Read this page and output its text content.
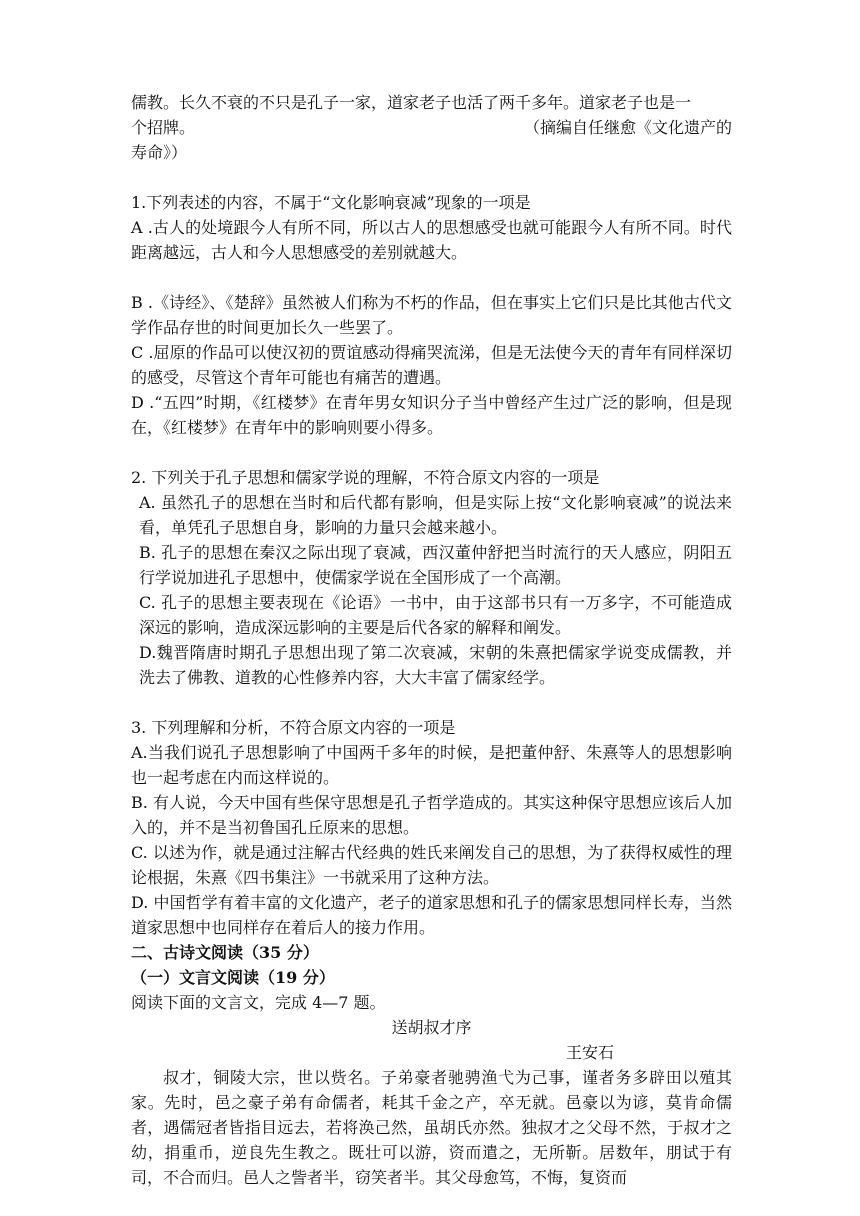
儒教。长久不衰的不只是孔子一家，道家老子也活了两千多年。道家老子也是一

个招牌。	（摘编自任继愈《文化遗产的

寿命》）

1.下列表述的内容，不属于“文化影响衰减”现象的一项是

A .古人的处境跟今人有所不同，所以古人的思想感受也就可能跟今人有所不同。时代距离越远，古人和今人思想感受的差别就越大。

B .《诗经》、《楚辞》虽然被人们称为不朽的作品，但在事实上它们只是比其他古代文学作品存世的时间更加长久一些罢了。

C .屈原的作品可以使汉初的贾谊感动得痛哭流涕，但是无法使今天的青年有同样深切的感受，尽管这个青年可能也有痛苦的遭遇。

D .“五四”时期，《红楼梦》在青年男女知识分子当中曾经产生过广泛的影响，但是现在，《红楼梦》在青年中的影响则要小得多。

2. 下列关于孔子思想和儒家学说的理解，不符合原文内容的一项是

A. 虽然孔子的思想在当时和后代都有影响，但是实际上按“文化影响衰减”的说法来看，单凭孔子思想自身，影响的力量只会越来越小。

B. 孔子的思想在秦汉之际出现了衰减，西汉董仲舒把当时流行的天人感应，阴阳五行学说加进孔子思想中，使儒家学说在全国形成了一个高潮。

C. 孔子的思想主要表现在《论语》一书中，由于这部书只有一万多字，不可能造成深远的影响，造成深远影响的主要是后代各家的解释和阐发。

D.魏晋隋唐时期孔子思想出现了第二次衰减，宋朝的朱熹把儒家学说变成儒教，并洗去了佛教、道教的心性修养内容，大大丰富了儒家经学。

3. 下列理解和分析，不符合原文内容的一项是

A.当我们说孔子思想影响了中国两千多年的时候，是把董仲舒、朱熹等人的思想影响也一起考虑在内而这样说的。

B. 有人说，今天中国有些保守思想是孔子哲学造成的。其实这种保守思想应该后人加入的，并不是当初鲁国孔丘原来的思想。

C. 以述为作，就是通过注解古代经典的姓氏来阐发自己的思想，为了获得权威性的理论根据，朱熹《四书集注》一书就采用了这种方法。

D. 中国哲学有着丰富的文化遗产，老子的道家思想和孔子的儒家思想同样长寿，当然道家思想中也同样存在着后人的接力作用。

二、古诗文阅读（35 分）

（一）文言文阅读（19 分）

阅读下面的文言文，完成 4—7 题。

送胡叔才序

王安石

叔才，铜陵大宗，世以赀名。子弟豪者驰骋渔弋为己事，谨者务多辟田以殖其家。先时，邑之豪子弟有命儒者，耗其千金之产，卒无就。邑豪以为谚，莫肯命儒者，遇儒冠者皆指目远去，若将涣己然，虽胡氏亦然。独叔才之父母不然，于叔才之幼，捐重币，逆良先生教之。既壮可以游，资而遣之，无所靳。居数年，朋试于有司，不合而归。邑人之訾者半，窃笑者半。其父母愈笃，不悔，复资而
